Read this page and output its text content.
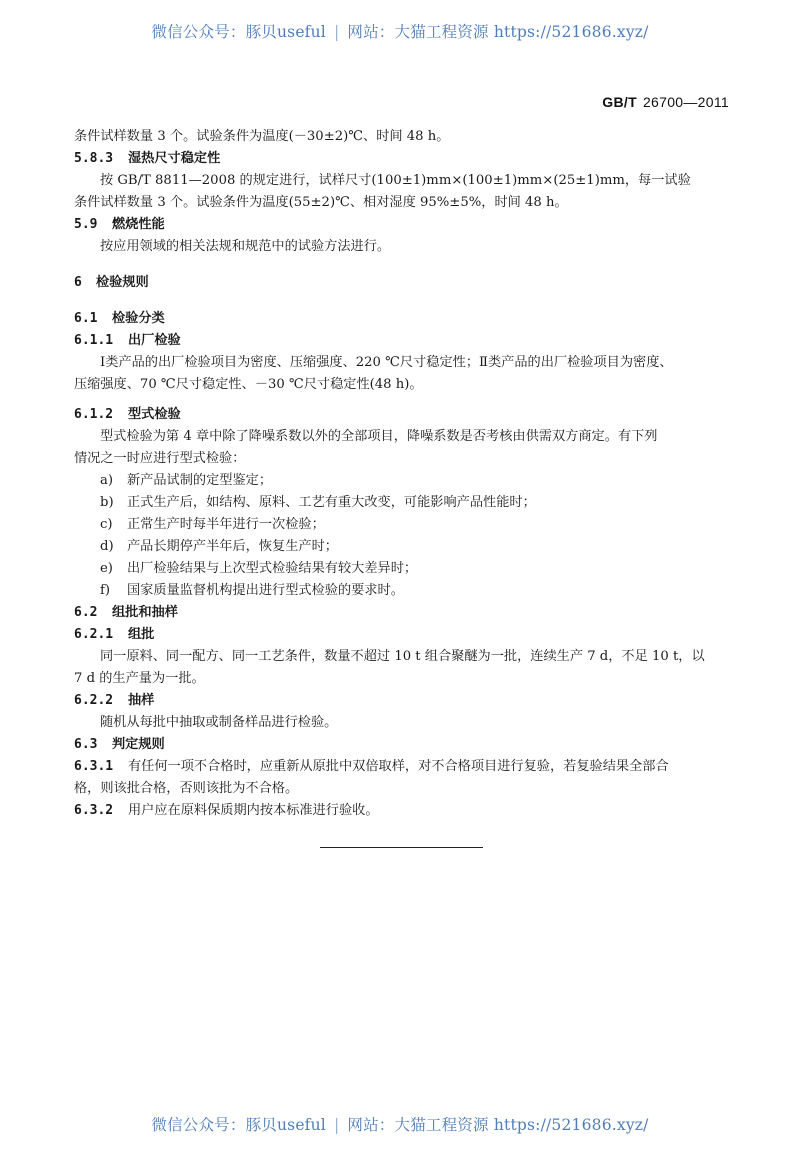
微信公众号：豚贝useful | 网站：大猫工程资源 https://521686.xyz/
GB/T 26700—2011
条件试样数量 3 个。试验条件为温度(－30±2)℃、时间 48 h。
5.8.3 湿热尺寸稳定性
按 GB/T 8811—2008 的规定进行，试样尺寸(100±1)mm×(100±1)mm×(25±1)mm，每一试验
条件试样数量 3 个。试验条件为温度(55±2)℃、相对湿度 95%±5%，时间 48 h。
5.9 燃烧性能
按应用领域的相关法规和规范中的试验方法进行。
6 检验规则
6.1 检验分类
6.1.1 出厂检验
Ⅰ类产品的出厂检验项目为密度、压缩强度、220 ℃尺寸稳定性；Ⅱ类产品的出厂检验项目为密度、
压缩强度、70 ℃尺寸稳定性、－30 ℃尺寸稳定性(48 h)。
6.1.2 型式检验
型式检验为第 4 章中除了降噪系数以外的全部项目，降噪系数是否考核由供需双方商定。有下列
情况之一时应进行型式检验：
a) 新产品试制的定型鉴定；
b) 正式生产后，如结构、原料、工艺有重大改变，可能影响产品性能时；
c) 正常生产时每半年进行一次检验；
d) 产品长期停产半年后，恢复生产时；
e) 出厂检验结果与上次型式检验结果有较大差异时；
f) 国家质量监督机构提出进行型式检验的要求时。
6.2 组批和抽样
6.2.1 组批
同一原料、同一配方、同一工艺条件，数量不超过 10 t 组合聚醚为一批，连续生产 7 d，不足 10 t，以
7 d 的生产量为一批。
6.2.2 抽样
随机从每批中抽取或制备样品进行检验。
6.3 判定规则
6.3.1 有任何一项不合格时，应重新从原批中双倍取样，对不合格项目进行复验，若复验结果全部合
格，则该批合格，否则该批为不合格。
6.3.2 用户应在原料保质期内按本标准进行验收。
微信公众号：豚贝useful | 网站：大猫工程资源 https://521686.xyz/
